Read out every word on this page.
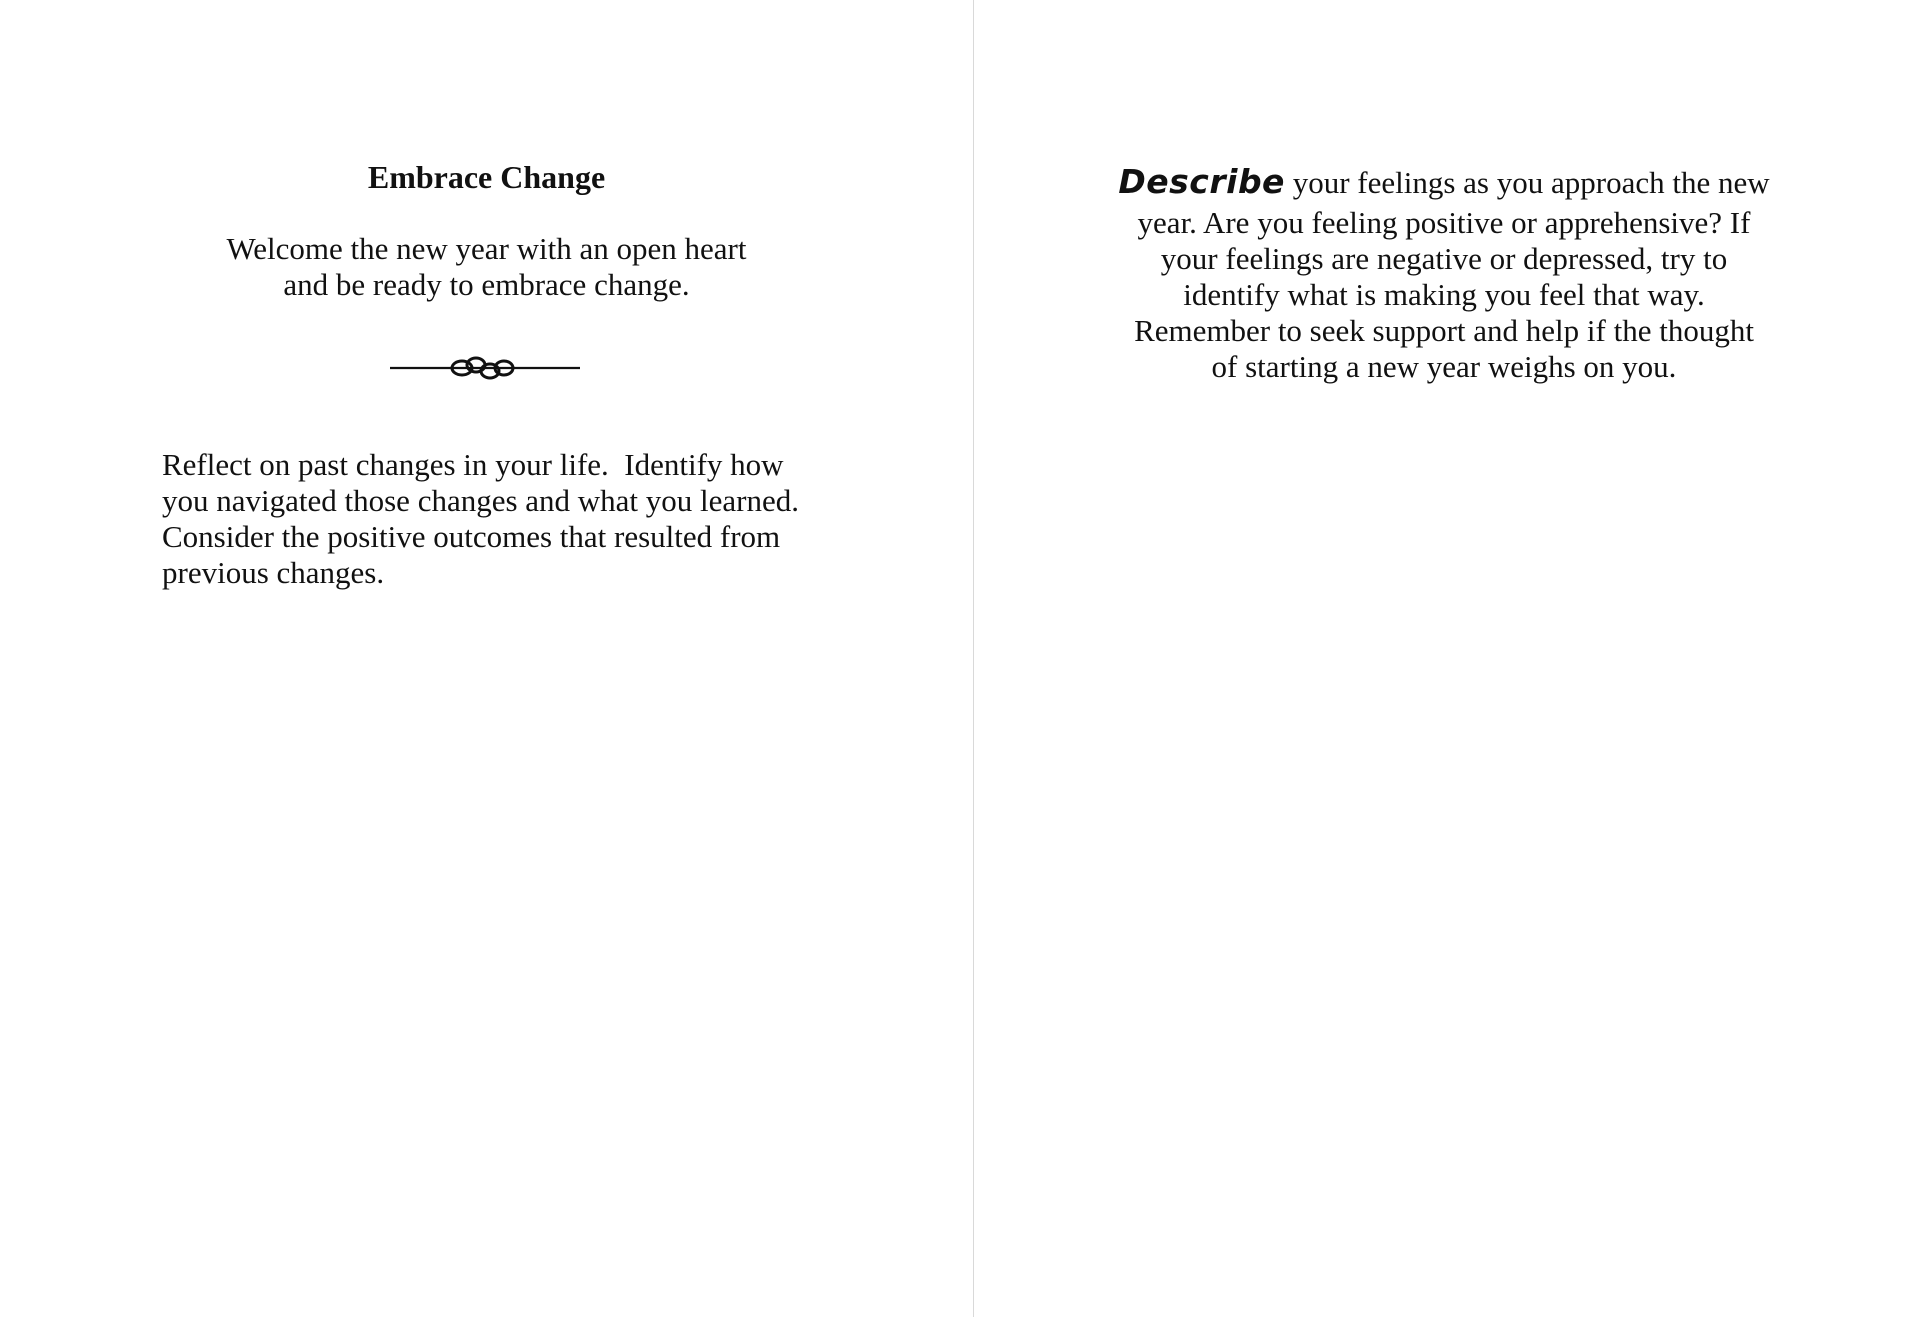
Embrace Change

Welcome the new year with an open heart
and be ready to embrace change.

Reflect on past changes in your life.  Identify how
you navigated those changes and what you learned.
Consider the positive outcomes that resulted from
previous changes.

Describe your feelings as you approach the new
year. Are you feeling positive or apprehensive? If
your feelings are negative or depressed, try to
identify what is making you feel that way.
Remember to seek support and help if the thought
of starting a new year weighs on you.
